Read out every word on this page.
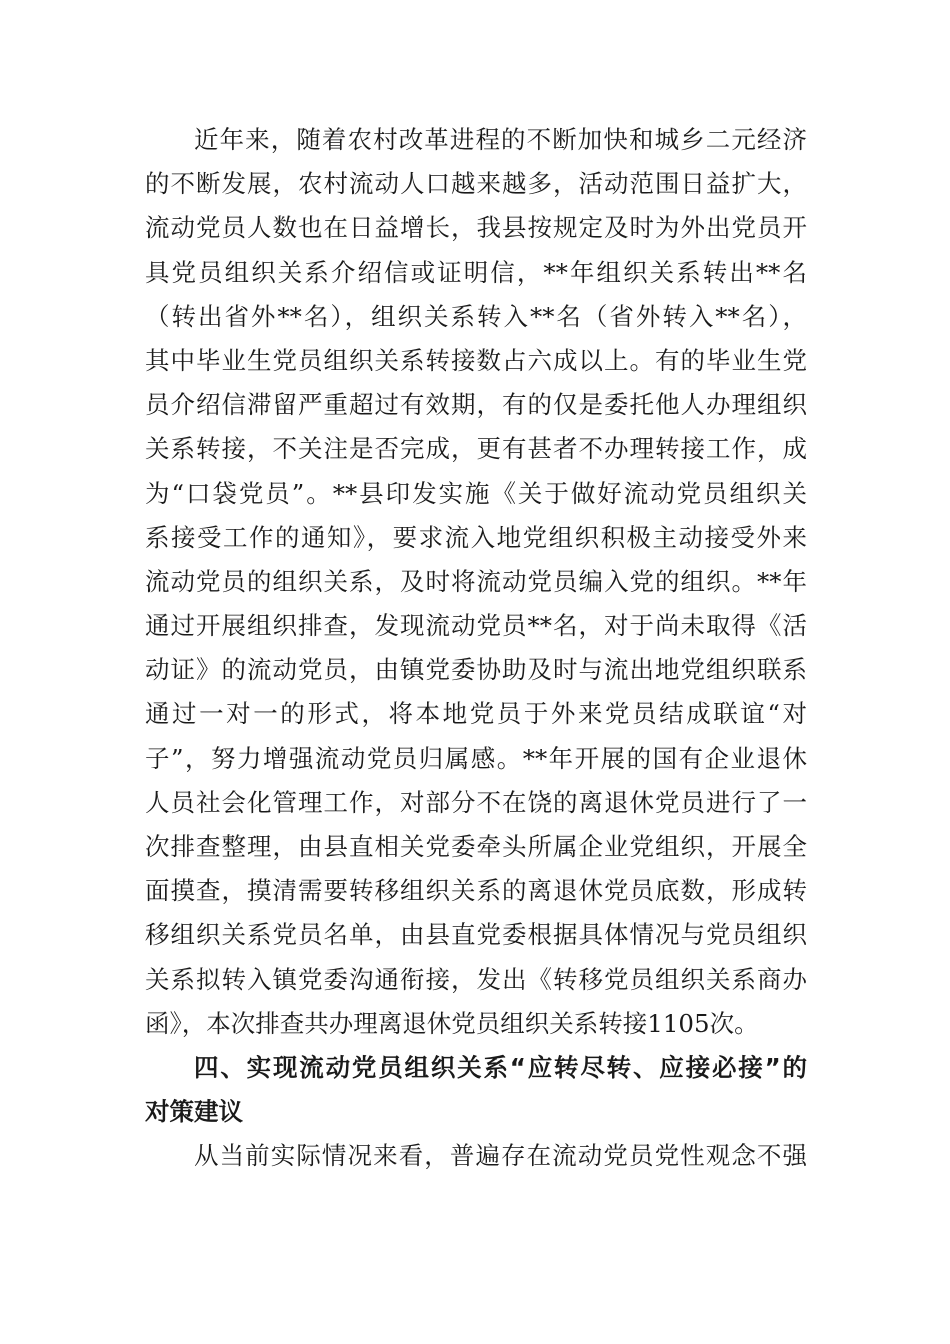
近年来，随着农村改革进程的不断加快和城乡二元经济
的不断发展，农村流动人口越来越多，活动范围日益扩大，
流动党员人数也在日益增长，我县按规定及时为外出党员开
具党员组织关系介绍信或证明信，**年组织关系转出**名
（转出省外**名），组织关系转入**名（省外转入**名），
其中毕业生党员组织关系转接数占六成以上。有的毕业生党
员介绍信滞留严重超过有效期，有的仅是委托他人办理组织
关系转接，不关注是否完成，更有甚者不办理转接工作，成
为“口袋党员”。**县印发实施《关于做好流动党员组织关
系接受工作的通知》，要求流入地党组织积极主动接受外来
流动党员的组织关系，及时将流动党员编入党的组织。**年
通过开展组织排查，发现流动党员**名，对于尚未取得《活
动证》的流动党员，由镇党委协助及时与流出地党组织联系
通过一对一的形式，将本地党员于外来党员结成联谊“对
子”，努力增强流动党员归属感。**年开展的国有企业退休
人员社会化管理工作，对部分不在饶的离退休党员进行了一
次排查整理，由县直相关党委牵头所属企业党组织，开展全
面摸查，摸清需要转移组织关系的离退休党员底数，形成转
移组织关系党员名单，由县直党委根据具体情况与党员组织
关系拟转入镇党委沟通衔接，发出《转移党员组织关系商办
函》，本次排查共办理离退休党员组织关系转接1105次。
四、实现流动党员组织关系“应转尽转、应接必接”的
对策建议
从当前实际情况来看，普遍存在流动党员党性观念不强
